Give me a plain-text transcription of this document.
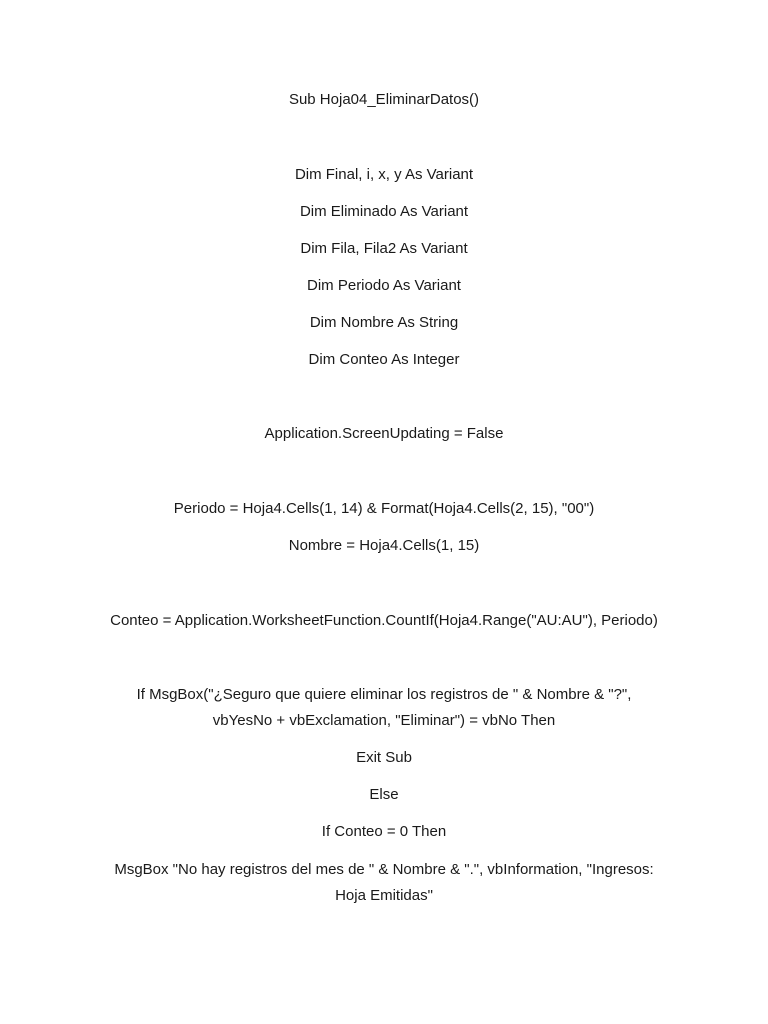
Sub Hoja04_EliminarDatos()

Dim Final, i, x, y As Variant

Dim Eliminado As Variant

Dim Fila, Fila2 As Variant

Dim Periodo As Variant

Dim Nombre As String

Dim Conteo As Integer

Application.ScreenUpdating = False

Periodo = Hoja4.Cells(1, 14) & Format(Hoja4.Cells(2, 15), "00")

Nombre = Hoja4.Cells(1, 15)

Conteo = Application.WorksheetFunction.CountIf(Hoja4.Range("AU:AU"), Periodo)

If MsgBox("¿Seguro que quiere eliminar los registros de " & Nombre & "?",

vbYesNo + vbExclamation, "Eliminar") = vbNo Then

Exit Sub

Else

If Conteo = 0 Then

MsgBox "No hay registros del mes de " & Nombre & ".", vbInformation, "Ingresos:

Hoja Emitidas"
